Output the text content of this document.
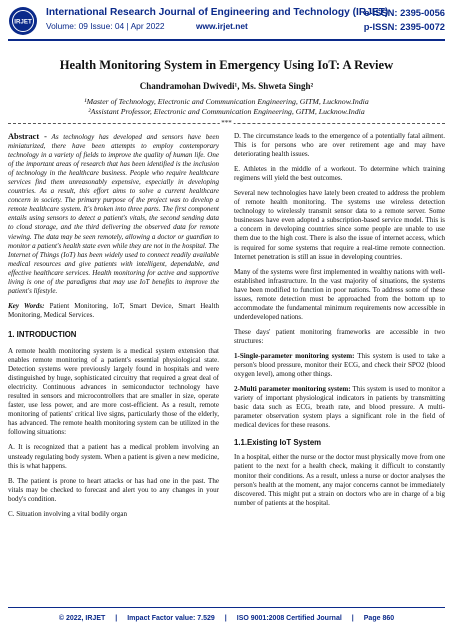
IRJET
International Research Journal of Engineering and Technology (IRJET)
e-ISSN: 2395-0056
Volume: 09 Issue: 04 | Apr 2022	www.irjet.net	p-ISSN: 2395-0072
Health Monitoring System in Emergency Using IoT: A Review
Chandramohan Dwivedi¹, Ms. Shweta Singh²
¹Master of Technology, Electronic and Communication Engineering, GITM, Lucknow.India
²Assistant Professor, Electronic and Communication Engineering, GITM, Lucknow.India
***

Abstract - As technology has developed and sensors have been miniaturized, there have been attempts to employ contemporary technology in a variety of fields to improve the quality of human life. One of the important areas of research that has been identified is the inclusion of technology in the healthcare business. People who require healthcare services find them unreasonably expensive, especially in developing countries. As a result, this effort aims to solve a current healthcare concern in society. The primary purpose of the project was to develop a remote healthcare system. It's broken into three parts. The first component entails using sensors to detect a patient's vitals, the second sending data to cloud storage, and the third delivering the observed data for remote viewing. The data may be seen remotely, allowing a doctor or guardian to monitor a patient's health state even while they are not in the hospital. The Internet of Things (IoT) has been widely used to connect readily available medical resources and give patients with intelligent, dependable, and effective healthcare services. Health monitoring for active and supportive living is one of the paradigms that may use IoT benefits to improve the patient's lifestyle.

Key Words: Patient Monitoring, IoT, Smart Device, Smart Health Monitoring, Medical Services.

1. INTRODUCTION

A remote health monitoring system is a medical system extension that enables remote monitoring of a patient's essential physiological state. Detection systems were previously largely found in hospitals and were distinguished by huge, sophisticated circuitry that required a great deal of electricity. Continuous advances in semiconductor technology have resulted in sensors and microcontrollers that are smaller in size, operate faster, use less power, and are more cost-efficient. As a result, remote monitoring of patients' critical live signs, particularly those of the elderly, has advanced. The remote health monitoring system can be utilized in the following situations:

A. It is recognized that a patient has a medical problem involving an unsteady regulating body system. When a patient is given a new medicine, this is what happens.

B. The patient is prone to heart attacks or has had one in the past. The vitals may be checked to forecast and alert you to any changes in your body's condition.

C. Situation involving a vital bodily organ

D. The circumstance leads to the emergence of a potentially fatal ailment. This is for persons who are over retirement age and may have deteriorating health issues.

E. Athletes in the middle of a workout. To determine which training regimens will yield the best outcomes.

Several new technologies have lately been created to address the problem of remote health monitoring. The systems use wireless detection technology to wirelessly transmit sensor data to a remote server. Some businesses have even adopted a subscription-based service model. This is a concern in developing countries since some people are unable to use them due to the high cost. There is also the issue of internet access, which is required for some systems that require a real-time remote connection. Internet penetration is still an issue in developing countries.

Many of the systems were first implemented in wealthy nations with well-established infrastructure. In the vast majority of situations, the systems have been modified to function in poor nations. To address some of these issues, remote detection must be approached from the bottom up to accommodate the fundamental minimum requirements now accessible in underdeveloped nations.

These days' patient monitoring frameworks are accessible in two structures:

1-Single-parameter monitoring system: This system is used to take a person's blood pressure, monitor their ECG, and check their SPO2 (blood oxygen level), among other things.

2-Multi parameter monitoring system: This system is used to monitor a variety of important physiological indicators in patients by transmitting basic data such as ECG, breath rate, and blood pressure. A multi-parameter observation system plays a significant role in the field of medical devices for these reasons.

1.1.Existing IoT System

In a hospital, either the nurse or the doctor must physically move from one patient to the next for a health check, making it difficult to constantly monitor their conditions. As a result, unless a nurse or doctor analyses the person's health at the moment, any major concerns cannot be immediately discovered. This might put a strain on doctors who are in charge of a big number of patients at the hospital.

© 2022, IRJET | Impact Factor value: 7.529 | ISO 9001:2008 Certified Journal | Page 860
